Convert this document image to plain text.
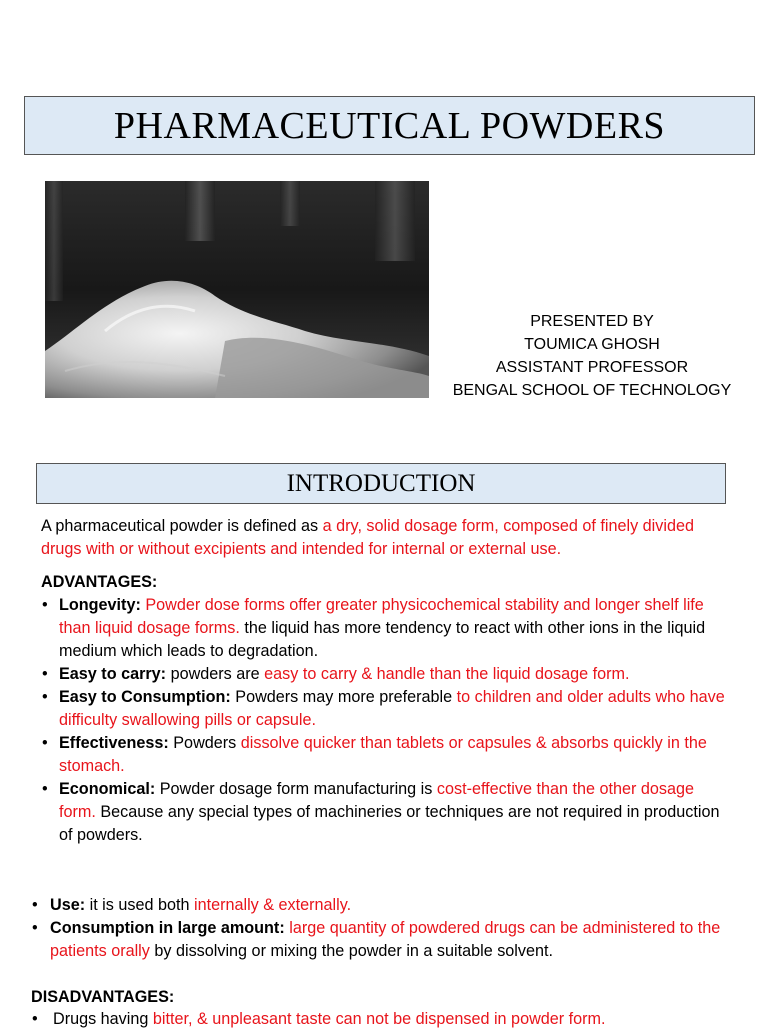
PHARMACEUTICAL POWDERS
PRESENTED BY
TOUMICA GHOSH
ASSISTANT PROFESSOR
BENGAL SCHOOL OF TECHNOLOGY
INTRODUCTION
A pharmaceutical powder is defined as a dry, solid dosage form, composed of finely divided drugs with or without excipients and intended for internal or external use.
ADVANTAGES:
• Longevity: Powder dose forms offer greater physicochemical stability and longer shelf life than liquid dosage forms. the liquid has more tendency to react with other ions in the liquid medium which leads to degradation.
• Easy to carry: powders are easy to carry & handle than the liquid dosage form.
• Easy to Consumption: Powders may more preferable to children and older adults who have difficulty swallowing pills or capsule.
• Effectiveness: Powders dissolve quicker than tablets or capsules & absorbs quickly in the stomach.
• Economical: Powder dosage form manufacturing is cost-effective than the other dosage form. Because any special types of machineries or techniques are not required in production of powders.
• Use: it is used both internally & externally.
• Consumption in large amount: large quantity of powdered drugs can be administered to the patients orally by dissolving or mixing the powder in a suitable solvent.
DISADVANTAGES:
• Drugs having bitter, & unpleasant taste can not be dispensed in powder form.
